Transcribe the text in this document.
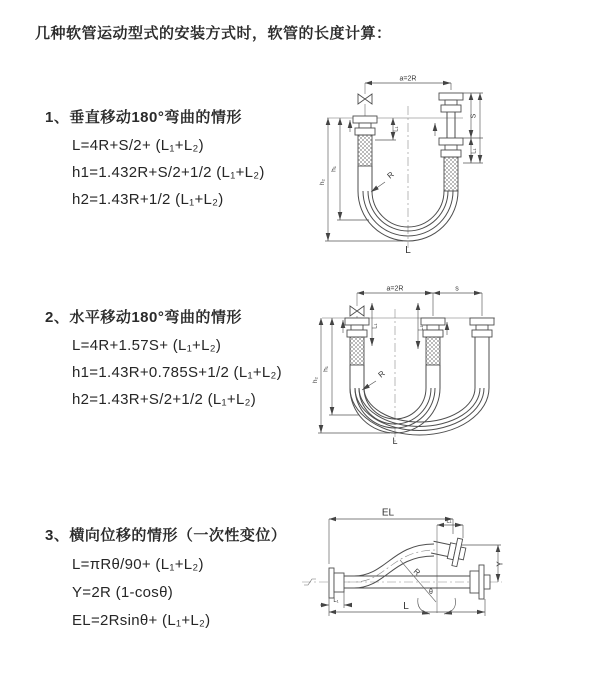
几种软管运动型式的安装方式时，软管的长度计算：
1、垂直移动180°弯曲的情形
L=4R+S/2+ (L₁+L₂)
h1=1.432R+S/2+1/2 (L₁+L₂)
h2=1.43R+1/2 (L₁+L₂)
2、水平移动180°弯曲的情形
L=4R+1.57S+ (L₁+L₂)
h1=1.43R+0.785S+1/2 (L₁+L₂)
h2=1.43R+S/2+1/2 (L₁+L₂)
3、横向位移的情形（一次性变位）
L=πRθ/90+ (L₁+L₂)
Y=2R (1-cosθ)
EL=2Rsinθ+ (L₁+L₂)
a=2R
h₁
h₂
S
L₁
L₁
R
L
a=2R	s
h₁
h₂
L₁	L₁
R
L
EL
L₁
Y
R
θ
L₁	L
